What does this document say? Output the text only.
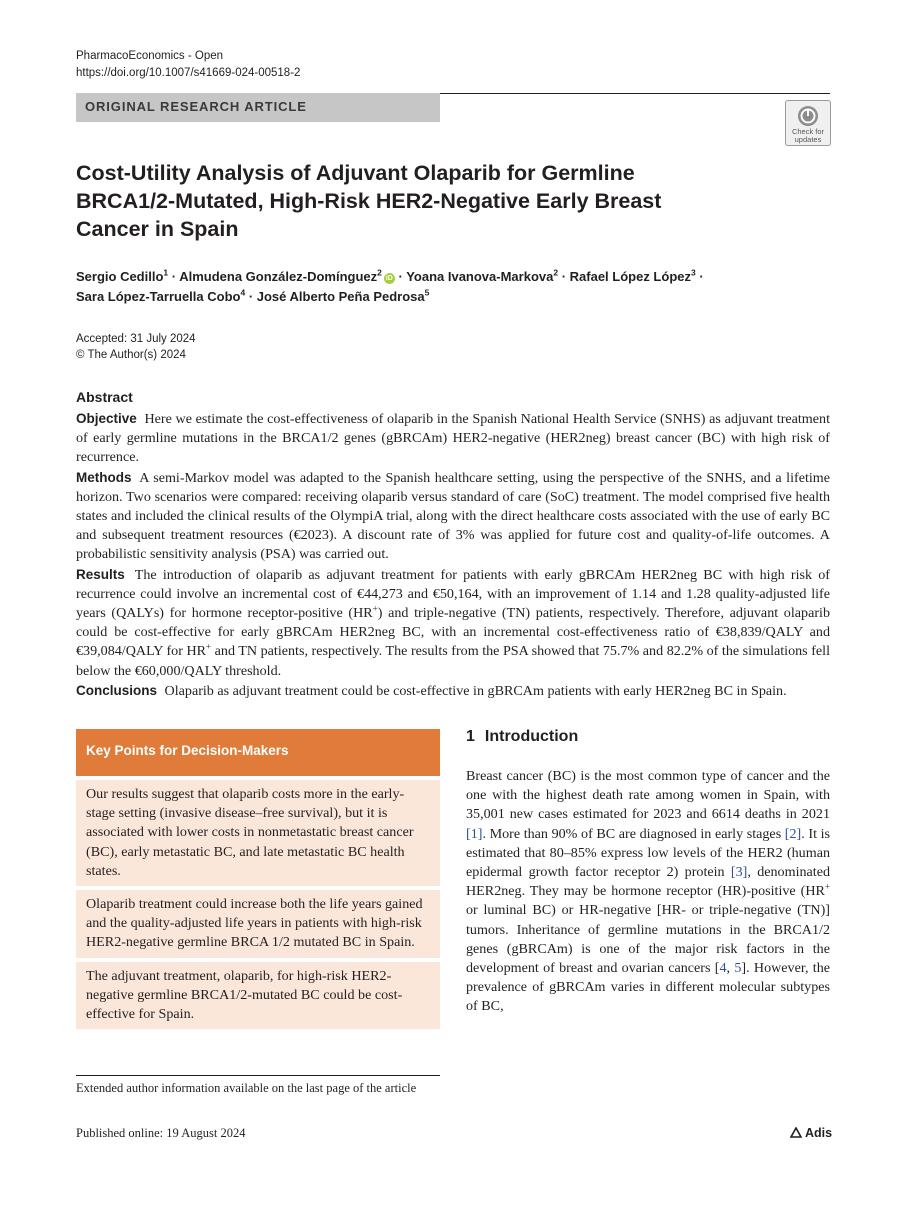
PharmacoEconomics - Open
https://doi.org/10.1007/s41669-024-00518-2
ORIGINAL RESEARCH ARTICLE
Check for
updates
Cost-Utility Analysis of Adjuvant Olaparib for Germline BRCA1/2-Mutated, High-Risk HER2-Negative Early Breast Cancer in Spain
Sergio Cedillo$^1$ · Almudena González-Domínguez$^2$iD · Yoana Ivanova-Markova$^2$ · Rafael López López$^3$ ·
Sara López-Tarruella Cobo$^4$ · José Alberto Peña Pedrosa$^5$
Accepted: 31 July 2024
© The Author(s) 2024
Abstract

Objective Here we estimate the cost-effectiveness of olaparib in the Spanish National Health Service (SNHS) as adjuvant treatment of early germline mutations in the BRCA1/2 genes (gBRCAm) HER2-negative (HER2neg) breast cancer (BC) with high risk of recurrence.

Methods A semi-Markov model was adapted to the Spanish healthcare setting, using the perspective of the SNHS, and a lifetime horizon. Two scenarios were compared: receiving olaparib versus standard of care (SoC) treatment. The model comprised five health states and included the clinical results of the OlympiA trial, along with the direct healthcare costs associated with the use of early BC and subsequent treatment resources (€2023). A discount rate of 3% was applied for future cost and quality-of-life outcomes. A probabilistic sensitivity analysis (PSA) was carried out.

Results The introduction of olaparib as adjuvant treatment for patients with early gBRCAm HER2neg BC with high risk of recurrence could involve an incremental cost of €44,273 and €50,164, with an improvement of 1.14 and 1.28 quality-adjusted life years (QALYs) for hormone receptor-positive (HR+) and triple-negative (TN) patients, respectively. Therefore, adjuvant olaparib could be cost-effective for early gBRCAm HER2neg BC, with an incremental cost-effectiveness ratio of €38,839/QALY and €39,084/QALY for HR+ and TN patients, respectively. The results from the PSA showed that 75.7% and 82.2% of the simulations fell below the €60,000/QALY threshold.

Conclusions Olaparib as adjuvant treatment could be cost-effective in gBRCAm patients with early HER2neg BC in Spain.

Key Points for Decision-Makers
Our results suggest that olaparib costs more in the early-stage setting (invasive disease–free survival), but it is associated with lower costs in nonmetastatic breast cancer (BC), early metastatic BC, and late metastatic BC health states.
Olaparib treatment could increase both the life years gained and the quality-adjusted life years in patients with high-risk HER2-negative germline BRCA 1/2 mutated BC in Spain.
The adjuvant treatment, olaparib, for high-risk HER2-negative germline BRCA1/2-mutated BC could be cost-effective for Spain.
1 Introduction
Breast cancer (BC) is the most common type of cancer and the one with the highest death rate among women in Spain, with 35,001 new cases estimated for 2023 and 6614 deaths in 2021 [1]. More than 90% of BC are diagnosed in early stages [2]. It is estimated that 80–85% express low levels of the HER2 (human epidermal growth factor receptor 2) protein [3], denominated HER2neg. They may be hormone receptor (HR)-positive (HR+ or luminal BC) or HR-negative [HR- or triple-negative (TN)] tumors. Inheritance of germline mutations in the BRCA1/2 genes (gBRCAm) is one of the major risk factors in the development of breast and ovarian cancers [4, 5]. However, the prevalence of gBRCAm varies in different molecular subtypes of BC,
Extended author information available on the last page of the article
Published online: 19 August 2024	Adis
